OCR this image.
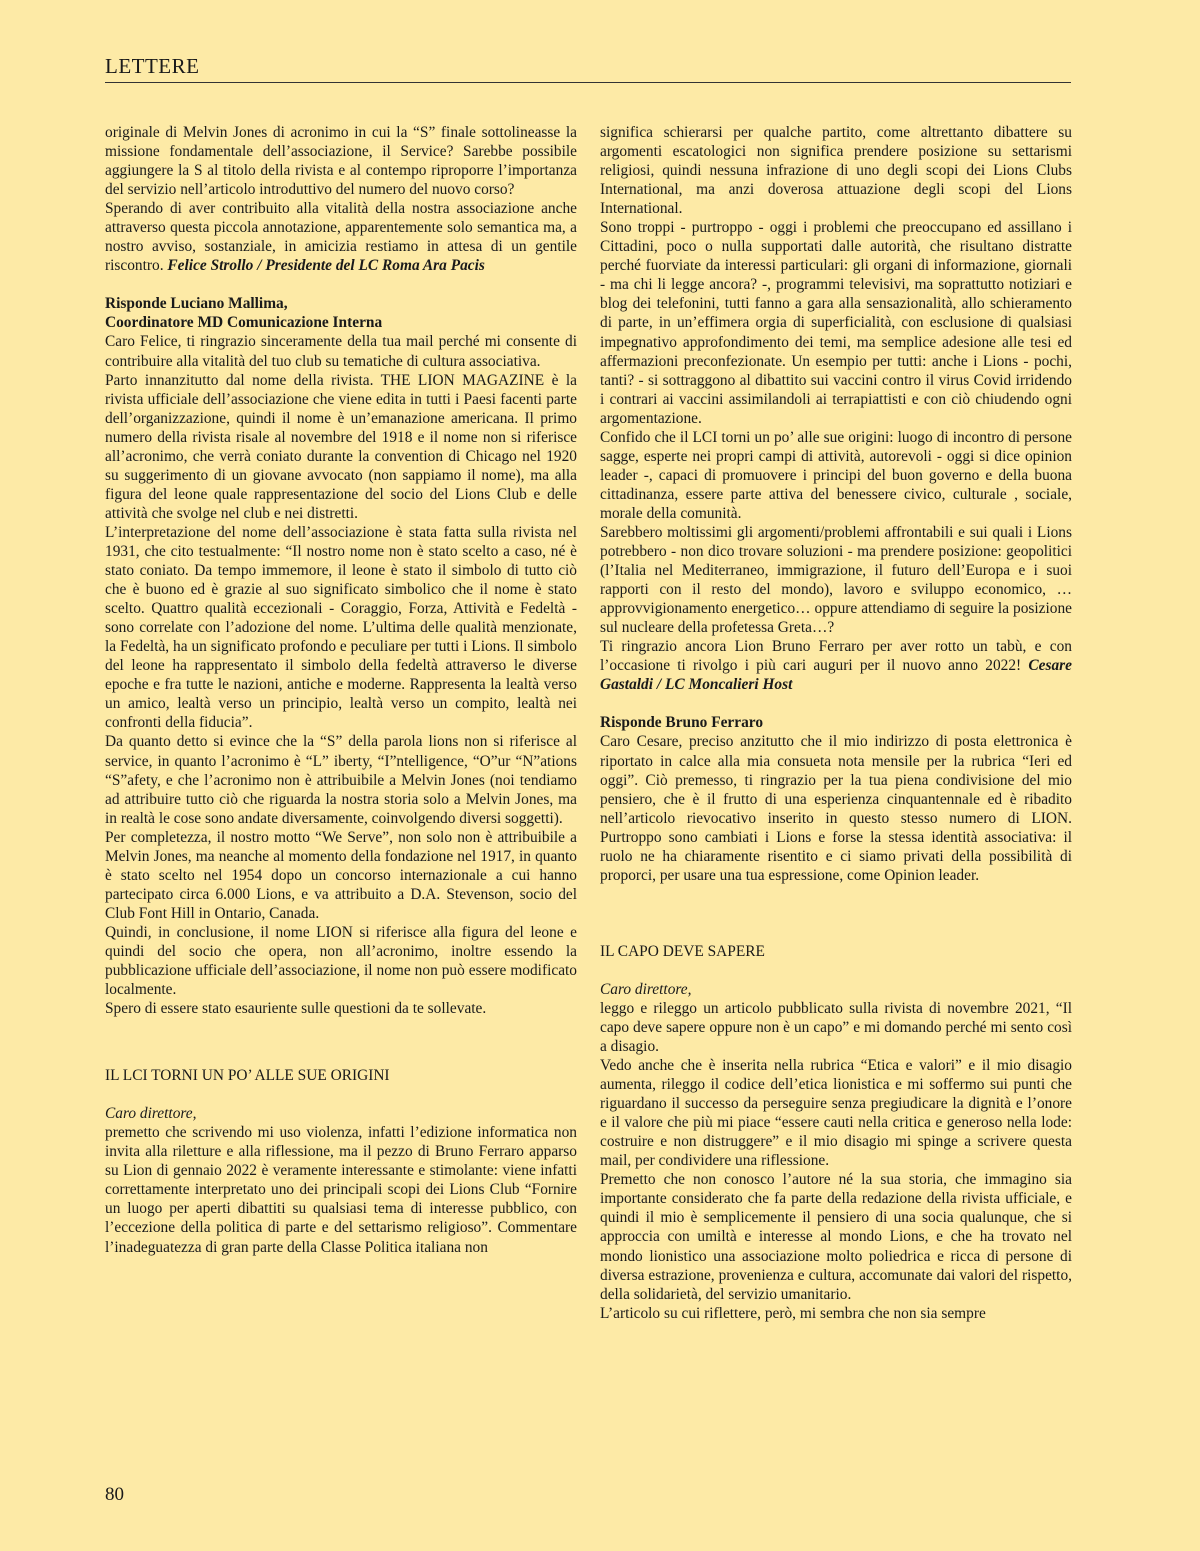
LETTERE

originale di Melvin Jones di acronimo in cui la “S” finale sottolineasse la missione fondamentale dell’associazione, il Service? Sarebbe possibile aggiungere la S al titolo della rivista e al contempo riproporre l’importanza del servizio nell’articolo introduttivo del numero del nuovo corso?

Sperando di aver contribuito alla vitalità della nostra associazione anche attraverso questa piccola annotazione, apparentemente solo semantica ma, a nostro avviso, sostanziale, in amicizia restiamo in attesa di un gentile riscontro. Felice Strollo / Presidente del LC Roma Ara Pacis

Risponde Luciano Mallima,

Coordinatore MD Comunicazione Interna

Caro Felice, ti ringrazio sinceramente della tua mail perché mi consente di contribuire alla vitalità del tuo club su tematiche di cultura associativa.

Parto innanzitutto dal nome della rivista. THE LION MAGAZINE è la rivista ufficiale dell’associazione che viene edita in tutti i Paesi facenti parte dell’organizzazione, quindi il nome è un’emanazione americana. Il primo numero della rivista risale al novembre del 1918 e il nome non si riferisce all’acronimo, che verrà coniato durante la convention di Chicago nel 1920 su suggerimento di un giovane avvocato (non sappiamo il nome), ma alla figura del leone quale rappresentazione del socio del Lions Club e delle attività che svolge nel club e nei distretti.

L’interpretazione del nome dell’associazione è stata fatta sulla rivista nel 1931, che cito testualmente: “Il nostro nome non è stato scelto a caso, né è stato coniato. Da tempo immemore, il leone è stato il simbolo di tutto ciò che è buono ed è grazie al suo significato simbolico che il nome è stato scelto. Quattro qualità eccezionali - Coraggio, Forza, Attività e Fedeltà - sono correlate con l’adozione del nome. L’ultima delle qualità menzionate, la Fedeltà, ha un significato profondo e peculiare per tutti i Lions. Il simbolo del leone ha rappresentato il simbolo della fedeltà attraverso le diverse epoche e fra tutte le nazioni, antiche e moderne. Rappresenta la lealtà verso un amico, lealtà verso un principio, lealtà verso un compito, lealtà nei confronti della fiducia”.

Da quanto detto si evince che la “S” della parola lions non si riferisce al service, in quanto l’acronimo è “L” iberty, “I”ntelligence, “O”ur “N”ations “S”afety, e che l’acronimo non è attribuibile a Melvin Jones (noi tendiamo ad attribuire tutto ciò che riguarda la nostra storia solo a Melvin Jones, ma in realtà le cose sono andate diversamente, coinvolgendo diversi soggetti).

Per completezza, il nostro motto “We Serve”, non solo non è attribuibile a Melvin Jones, ma neanche al momento della fondazione nel 1917, in quanto è stato scelto nel 1954 dopo un concorso internazionale a cui hanno partecipato circa 6.000 Lions, e va attribuito a D.A. Stevenson, socio del Club Font Hill in Ontario, Canada.

Quindi, in conclusione, il nome LION si riferisce alla figura del leone e quindi del socio che opera, non all’acronimo, inoltre essendo la pubblicazione ufficiale dell’associazione, il nome non può essere modificato localmente.

Spero di essere stato esauriente sulle questioni da te sollevate.

IL LCI TORNI UN PO’ ALLE SUE ORIGINI

Caro direttore,

premetto che scrivendo mi uso violenza, infatti l’edizione informatica non invita alla riletture e alla riflessione, ma il pezzo di Bruno Ferraro apparso su Lion di gennaio 2022 è veramente interessante e stimolante: viene infatti correttamente interpretato uno dei principali scopi dei Lions Club “Fornire un luogo per aperti dibattiti su qualsiasi tema di interesse pubblico, con l’eccezione della politica di parte e del settarismo religioso”. Commentare l’inadeguatezza di gran parte della Classe Politica italiana non

significa schierarsi per qualche partito, come altrettanto dibattere su argomenti escatologici non significa prendere posizione su settarismi religiosi, quindi nessuna infrazione di uno degli scopi dei Lions Clubs International, ma anzi doverosa attuazione degli scopi del Lions International.

Sono troppi - purtroppo - oggi i problemi che preoccupano ed assillano i Cittadini, poco o nulla supportati dalle autorità, che risultano distratte perché fuorviate da interessi particulari: gli organi di informazione, giornali - ma chi li legge ancora? -, programmi televisivi, ma soprattutto notiziari e blog dei telefonini, tutti fanno a gara alla sensazionalità, allo schieramento di parte, in un’effimera orgia di superficialità, con esclusione di qualsiasi impegnativo approfondimento dei temi, ma semplice adesione alle tesi ed affermazioni preconfezionate. Un esempio per tutti: anche i Lions - pochi, tanti? - si sottraggono al dibattito sui vaccini contro il virus Covid irridendo i contrari ai vaccini assimilandoli ai terrapiattisti e con ciò chiudendo ogni argomentazione.

Confido che il LCI torni un po’ alle sue origini: luogo di incontro di persone sagge, esperte nei propri campi di attività, autorevoli - oggi si dice opinion leader -, capaci di promuovere i principi del buon governo e della buona cittadinanza, essere parte attiva del benessere civico, culturale , sociale, morale della comunità.

Sarebbero moltissimi gli argomenti/problemi affrontabili e sui quali i Lions potrebbero - non dico trovare soluzioni - ma prendere posizione: geopolitici (l’Italia nel Mediterraneo, immigrazione, il futuro dell’Europa e i suoi rapporti con il resto del mondo), lavoro e sviluppo economico, …approvvigionamento energetico… oppure attendiamo di seguire la posizione sul nucleare della profetessa Greta…?

Ti ringrazio ancora Lion Bruno Ferraro per aver rotto un tabù, e con l’occasione ti rivolgo i più cari auguri per il nuovo anno 2022! Cesare Gastaldi / LC Moncalieri Host

Risponde Bruno Ferraro

Caro Cesare, preciso anzitutto che il mio indirizzo di posta elettronica è riportato in calce alla mia consueta nota mensile per la rubrica “Ieri ed oggi”. Ciò premesso, ti ringrazio per la tua piena condivisione del mio pensiero, che è il frutto di una esperienza cinquantennale ed è ribadito nell’articolo rievocativo inserito in questo stesso numero di LION. Purtroppo sono cambiati i Lions e forse la stessa identità associativa: il ruolo ne ha chiaramente risentito e ci siamo privati della possibilità di proporci, per usare una tua espressione, come Opinion leader.

IL CAPO DEVE SAPERE

Caro direttore,

leggo e rileggo un articolo pubblicato sulla rivista di novembre 2021, “Il capo deve sapere oppure non è un capo” e mi domando perché mi sento così a disagio.

Vedo anche che è inserita nella rubrica “Etica e valori” e il mio disagio aumenta, rileggo il codice dell’etica lionistica e mi soffermo sui punti che riguardano il successo da perseguire senza pregiudicare la dignità e l’onore e il valore che più mi piace “essere cauti nella critica e generoso nella lode: costruire e non distruggere” e il mio disagio mi spinge a scrivere questa mail, per condividere una riflessione.

Premetto che non conosco l’autore né la sua storia, che immagino sia importante considerato che fa parte della redazione della rivista ufficiale, e quindi il mio è semplicemente il pensiero di una socia qualunque, che si approccia con umiltà e interesse al mondo Lions, e che ha trovato nel mondo lionistico una associazione molto poliedrica e ricca di persone di diversa estrazione, provenienza e cultura, accomunate dai valori del rispetto, della solidarietà, del servizio umanitario.

L’articolo su cui riflettere, però, mi sembra che non sia sempre

80
